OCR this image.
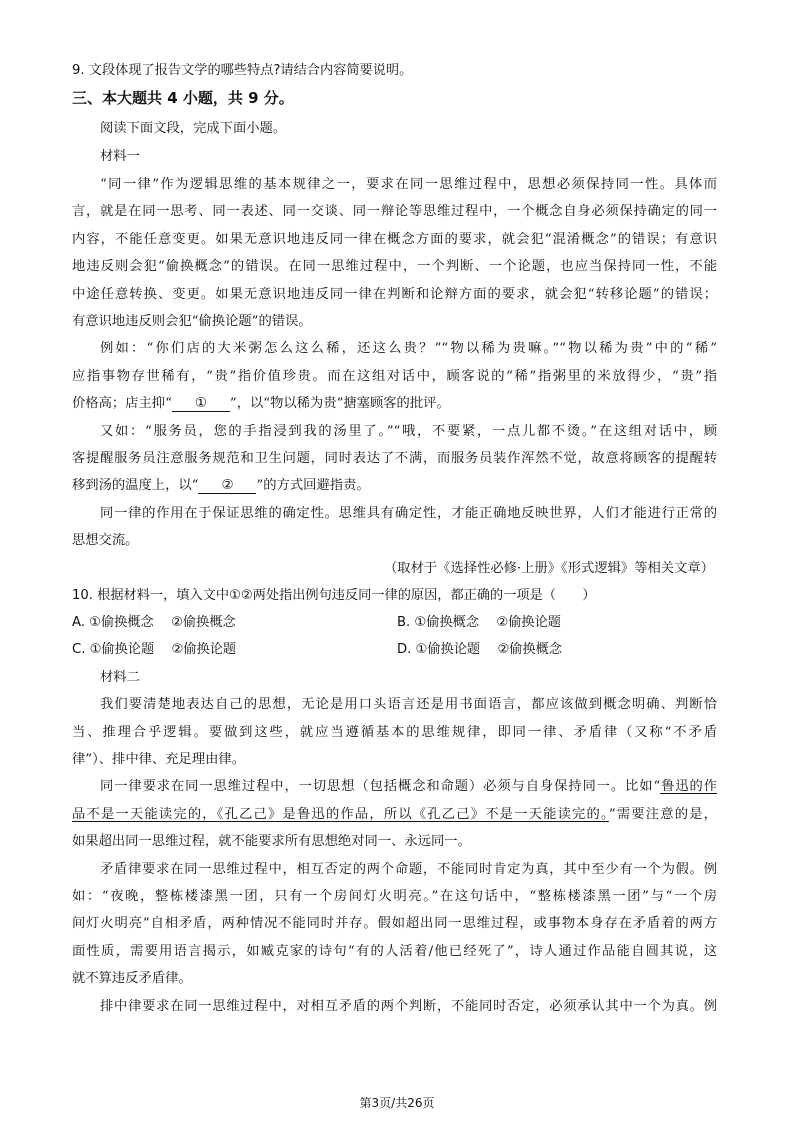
9. 文段体现了报告文学的哪些特点?请结合内容简要说明。
三、本大题共 4 小题，共 9 分。
阅读下面文段，完成下面小题。
材料一
“同一律”作为逻辑思维的基本规律之一，要求在同一思维过程中，思想必须保持同一性。具体而
言，就是在同一思考、同一表述、同一交谈、同一辩论等思维过程中，一个概念自身必须保持确定的同一
内容，不能任意变更。如果无意识地违反同一律在概念方面的要求，就会犯“混淆概念”的错误；有意识
地违反则会犯“偷换概念”的错误。在同一思维过程中，一个判断、一个论题，也应当保持同一性，不能
中途任意转换、变更。如果无意识地违反同一律在判断和论辩方面的要求，就会犯“转移论题”的错误；
有意识地违反则会犯“偷换论题”的错误。
例如：“你们店的大米粥怎么这么稀，还这么贵？”“物以稀为贵嘛。”“物以稀为贵”中的“稀”
应指事物存世稀有，“贵”指价值珍贵。而在这组对话中，顾客说的“稀”指粥里的米放得少，“贵”指
价格高；店主抑“ ① ”，以“物以稀为贵”搪塞顾客的批评。
又如：“服务员，您的手指浸到我的汤里了。”“哦，不要紧，一点儿都不烫。”在这组对话中，顾
客提醒服务员注意服务规范和卫生问题，同时表达了不满，而服务员装作浑然不觉，故意将顾客的提醒转
移到汤的温度上，以“ ② ”的方式回避指责。
同一律的作用在于保证思维的确定性。思维具有确定性，才能正确地反映世界，人们才能进行正常的
思想交流。
（取材于《选择性必修·上册》《形式逻辑》等相关文章）
10. 根据材料一，填入文中①②两处指出例句违反同一律的原因，都正确的一项是（　　）
A. ①偷换概念　 ②偷换概念	B. ①偷换概念　 ②偷换论题
C. ①偷换论题　 ②偷换论题	D. ①偷换论题　 ②偷换概念
材料二
我们要清楚地表达自己的思想，无论是用口头语言还是用书面语言，都应该做到概念明确、判断恰
当、推理合乎逻辑。要做到这些，就应当遵循基本的思维规律，即同一律、矛盾律（又称“不矛盾
律”）、排中律、充足理由律。
同一律要求在同一思维过程中，一切思想（包括概念和命题）必须与自身保持同一。比如“鲁迅的作
品不是一天能读完的，《孔乙己》是鲁迅的作品，所以《孔乙己》不是一天能读完的。”需要注意的是，
如果超出同一思维过程，就不能要求所有思想绝对同一、永远同一。
矛盾律要求在同一思维过程中，相互否定的两个命题，不能同时肯定为真，其中至少有一个为假。例
如：“夜晚，整栋楼漆黑一团，只有一个房间灯火明亮。”在这句话中，“整栋楼漆黑一团”与“一个房
间灯火明亮”自相矛盾，两种情况不能同时并存。假如超出同一思维过程，或事物本身存在矛盾着的两方
面性质，需要用语言揭示，如臧克家的诗句“有的人活着/他已经死了”，诗人通过作品能自圆其说，这
就不算违反矛盾律。
排中律要求在同一思维过程中，对相互矛盾的两个判断，不能同时否定，必须承认其中一个为真。例
第3页/共26页
